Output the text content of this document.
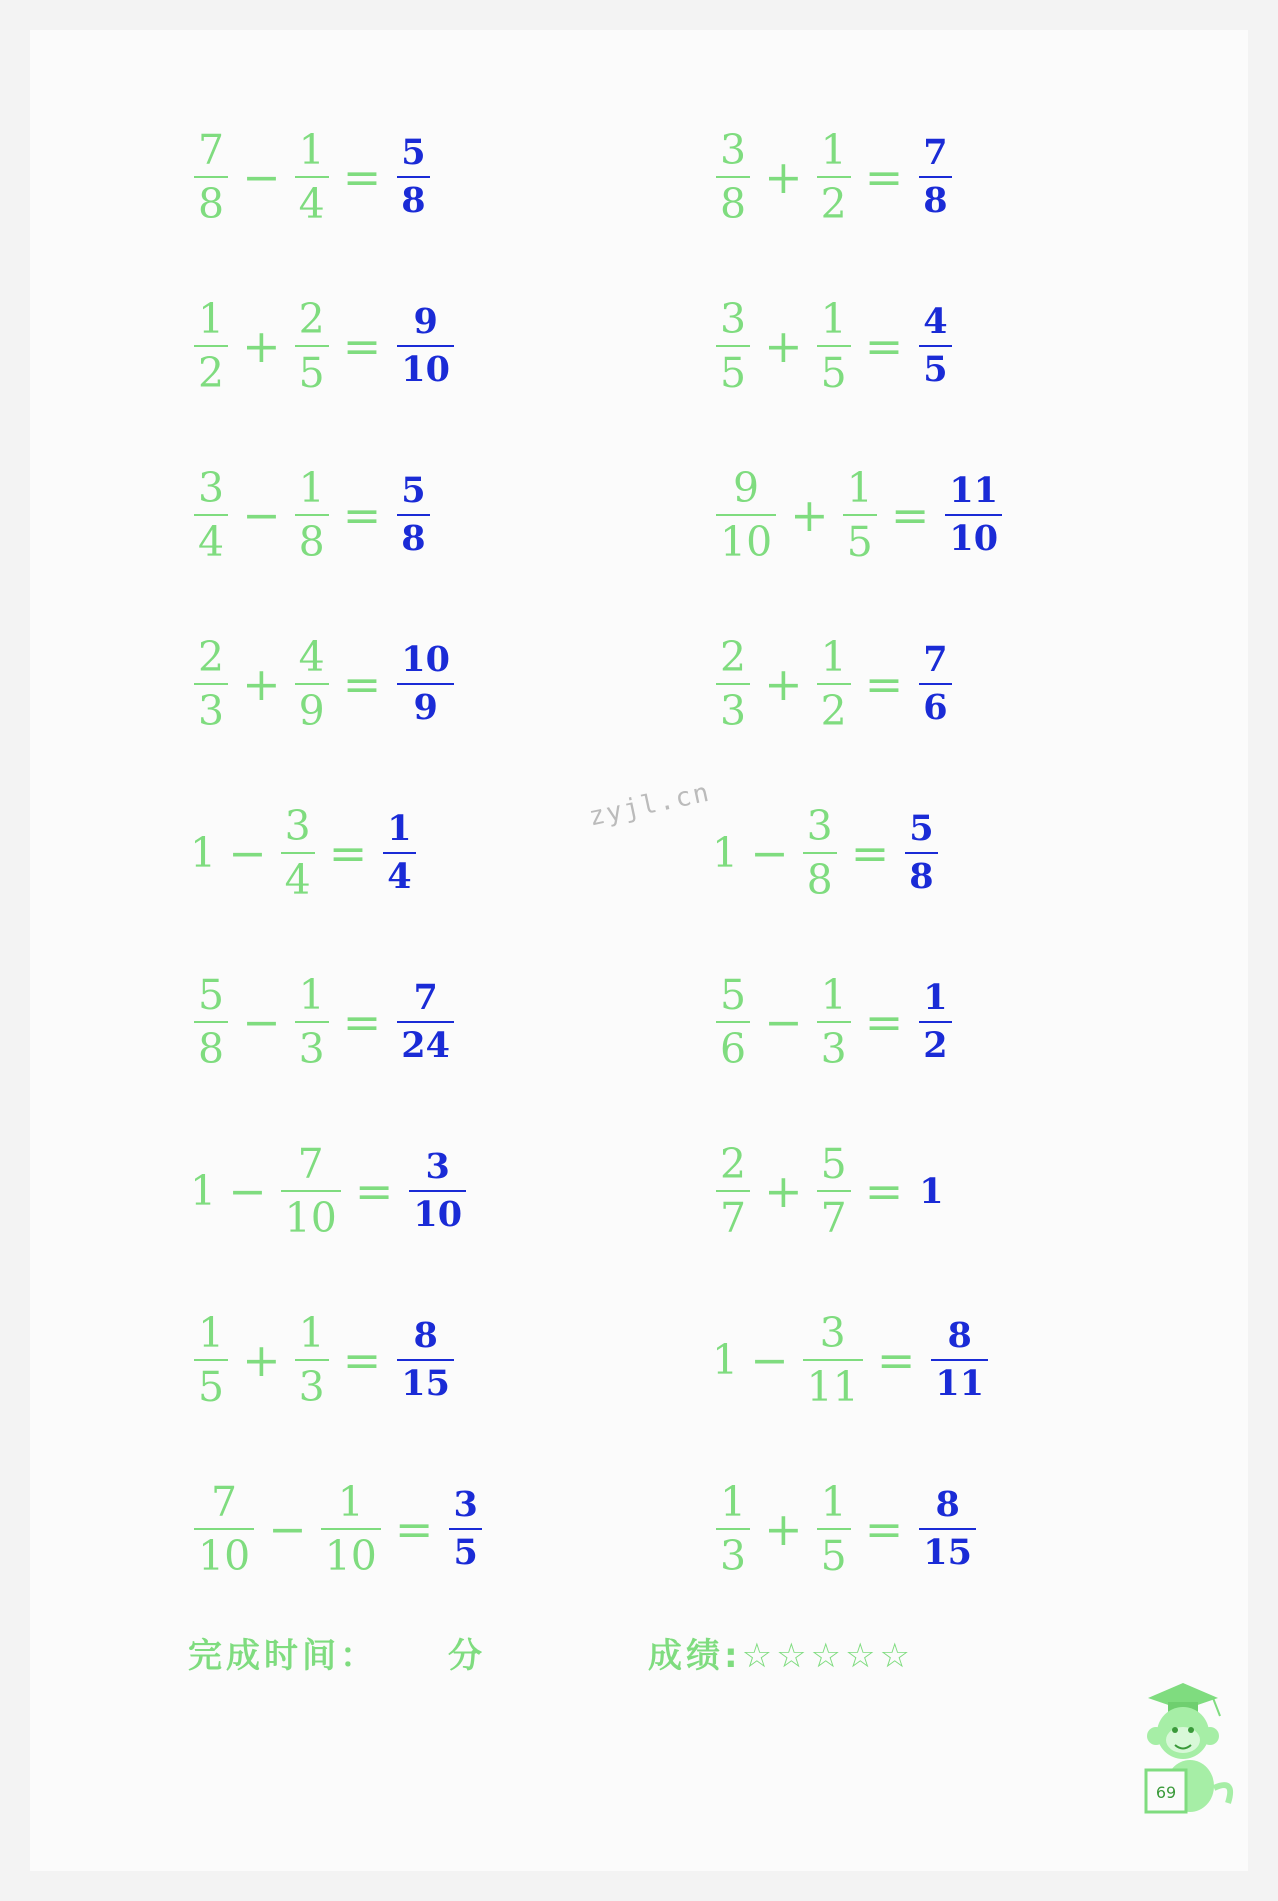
$\frac{7}{8} - \frac{1}{4} = \frac{5}{8}$	$\frac{3}{8} + \frac{1}{2} = \frac{7}{8}$
$\frac{1}{2} + \frac{2}{5} = \frac{9}{10}$	$\frac{3}{5} + \frac{1}{5} = \frac{4}{5}$
$\frac{3}{4} - \frac{1}{8} = \frac{5}{8}$	$\frac{9}{10} + \frac{1}{5} = \frac{11}{10}$
$\frac{2}{3} + \frac{4}{9} = \frac{10}{9}$	$\frac{2}{3} + \frac{1}{2} = \frac{7}{6}$
$1 - \frac{3}{4} = \frac{1}{4}$	$1 - \frac{3}{8} = \frac{5}{8}$
$\frac{5}{8} - \frac{1}{3} = \frac{7}{24}$	$\frac{5}{6} - \frac{1}{3} = \frac{1}{2}$
$1 - \frac{7}{10} = \frac{3}{10}$	$\frac{2}{7} + \frac{5}{7} = 1$
$\frac{1}{5} + \frac{1}{3} = \frac{8}{15}$	$1 - \frac{3}{11} = \frac{8}{11}$
$\frac{7}{10} - \frac{1}{10} = \frac{3}{5}$	$\frac{1}{3} + \frac{1}{5} = \frac{8}{15}$
zyjl.cn
完成时间： 分	成绩:☆☆☆☆☆
69
